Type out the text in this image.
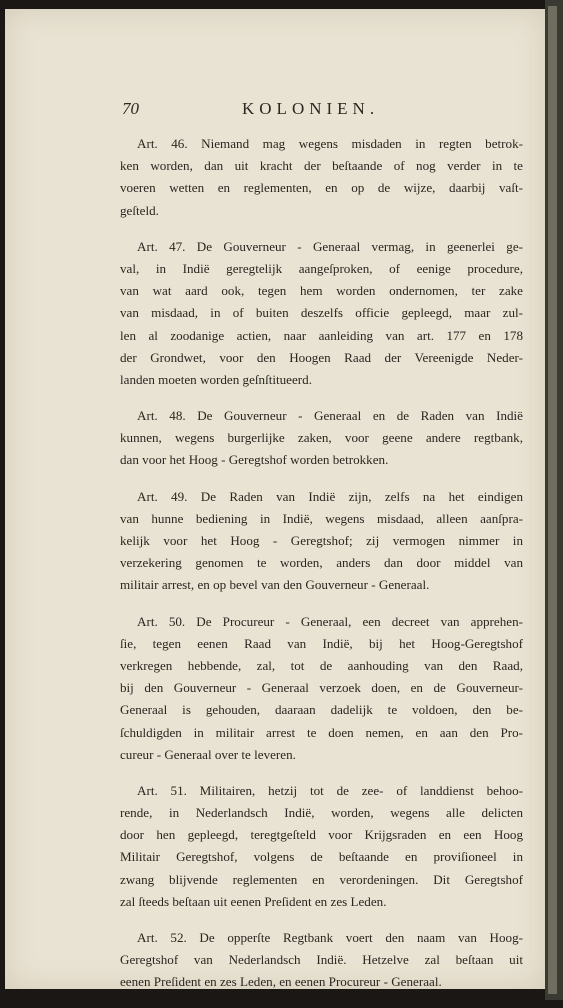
70	KOLONIEN.
Art. 46. Niemand mag wegens misdaden in regten betrok-
ken worden, dan uit kracht der beſtaande of nog verder in te
voeren wetten en reglementen, en op de wijze, daarbij vaſt-
geſteld.
Art. 47. De Gouverneur - Generaal vermag, in geenerlei ge-
val, in Indië geregtelijk aangeſproken, of eenige procedure,
van wat aard ook, tegen hem worden ondernomen, ter zake
van misdaad, in of buiten deszelfs officie gepleegd, maar zul-
len al zoodanige actien, naar aanleiding van art. 177 en 178
der Grondwet, voor den Hoogen Raad der Vereenigde Neder-
landen moeten worden geſnſtitueerd.
Art. 48. De Gouverneur - Generaal en de Raden van Indië
kunnen, wegens burgerlijke zaken, voor geene andere regtbank,
dan voor het Hoog - Geregtshof worden betrokken.
Art. 49. De Raden van Indië zijn, zelfs na het eindigen
van hunne bediening in Indië, wegens misdaad, alleen aanſpra-
kelijk voor het Hoog - Geregtshof; zij vermogen nimmer in
verzekering genomen te worden, anders dan door middel van
militair arrest, en op bevel van den Gouverneur - Generaal.
Art. 50. De Procureur - Generaal, een decreet van apprehen-
ſie, tegen eenen Raad van Indië, bij het Hoog-Geregtshof
verkregen hebbende, zal, tot de aanhouding van den Raad,
bij den Gouverneur - Generaal verzoek doen, en de Gouverneur-
Generaal is gehouden, daaraan dadelijk te voldoen, den be-
ſchuldigden in militair arrest te doen nemen, en aan den Pro-
cureur - Generaal over te leveren.
Art. 51. Militairen, hetzij tot de zee- of landdienst behoo-
rende, in Nederlandsch Indië, worden, wegens alle delicten
door hen gepleegd, teregtgeſteld voor Krijgsraden en een Hoog
Militair Geregtshof, volgens de beſtaande en proviſioneel in
zwang blijvende reglementen en verordeningen. Dit Geregtshof
zal ſteeds beſtaan uit eenen Preſident en zes Leden.
Art. 52. De opperſte Regtbank voert den naam van Hoog-
Geregtshof van Nederlandsch Indië. Hetzelve zal beſtaan uit
eenen Preſident en zes Leden, en eenen Procureur - Generaal.
